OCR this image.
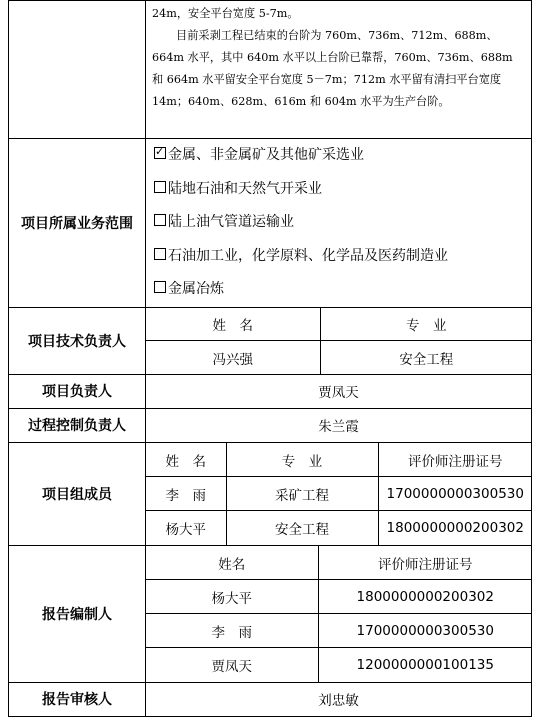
24m，安全平台宽度 5-7m。

目前采剥工程已结束的台阶为 760m、736m、712m、688m、664m 水平，其中 640m 水平以上台阶已靠帮，760m、736m、688m 和 664m 水平留安全平台宽度 5－7m；712m 水平留有清扫平台宽度 14m；640m、628m、616m 和 604m 水平为生产台阶。

项目所属业务范围	
✓ 金属、非金属矿及其他矿采选业
陆地石油和天然气开采业
陆上油气管道运输业
石油加工业，化学原料、化学品及医药制造业
金属冶炼

项目技术负责人	
姓　名	专　业
冯兴强	安全工程

项目负责人	贾凤天
过程控制负责人	朱兰霞
项目组成员	
姓　名	专　业	评价师注册证号
李　雨	采矿工程	1700000000300530
杨大平	安全工程	1800000000200302

报告编制人	
姓名	评价师注册证号
杨大平	1800000000200302
李　雨	1700000000300530
贾凤天	1200000000100135

报告审核人	刘忠敏
